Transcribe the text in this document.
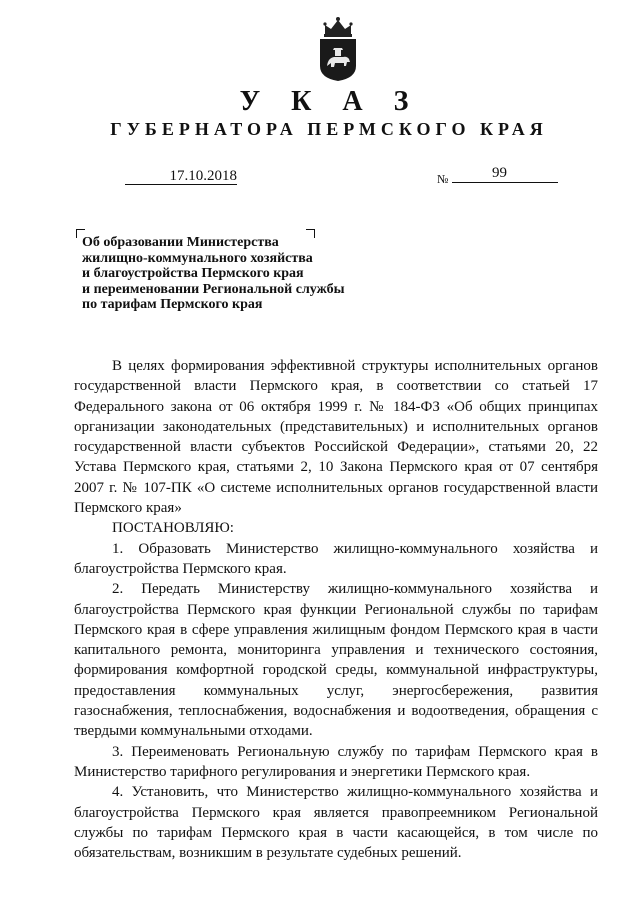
У К А З
ГУБЕРНАТОРА ПЕРМСКОГО КРАЯ
17.10.2018	№	99
Об образовании Министерства
жилищно-коммунального хозяйства
и благоустройства Пермского края
и переименовании Региональной службы
по тарифам Пермского края
В целях формирования эффективной структуры исполнительных органов государственной власти Пермского края, в соответствии со статьей 17 Федерального закона от 06 октября 1999 г. № 184-ФЗ «Об общих принципах организации законодательных (представительных) и исполнительных органов государственной власти субъектов Российской Федерации», статьями 20, 22 Устава Пермского края, статьями 2, 10 Закона Пермского края от 07 сентября 2007 г. № 107-ПК «О системе исполнительных органов государственной власти Пермского края»
ПОСТАНОВЛЯЮ:
1. Образовать Министерство жилищно-коммунального хозяйства и благоустройства Пермского края.
2. Передать Министерству жилищно-коммунального хозяйства и благоустройства Пермского края функции Региональной службы по тарифам Пермского края в сфере управления жилищным фондом Пермского края в части капитального ремонта, мониторинга управления и технического состояния, формирования комфортной городской среды, коммунальной инфраструктуры, предоставления коммунальных услуг, энергосбережения, развития газоснабжения, теплоснабжения, водоснабжения и водоотведения, обращения с твердыми коммунальными отходами.
3. Переименовать Региональную службу по тарифам Пермского края в Министерство тарифного регулирования и энергетики Пермского края.
4. Установить, что Министерство жилищно-коммунального хозяйства и благоустройства Пермского края является правопреемником Региональной службы по тарифам Пермского края в части касающейся, в том числе по обязательствам, возникшим в результате судебных решений.
